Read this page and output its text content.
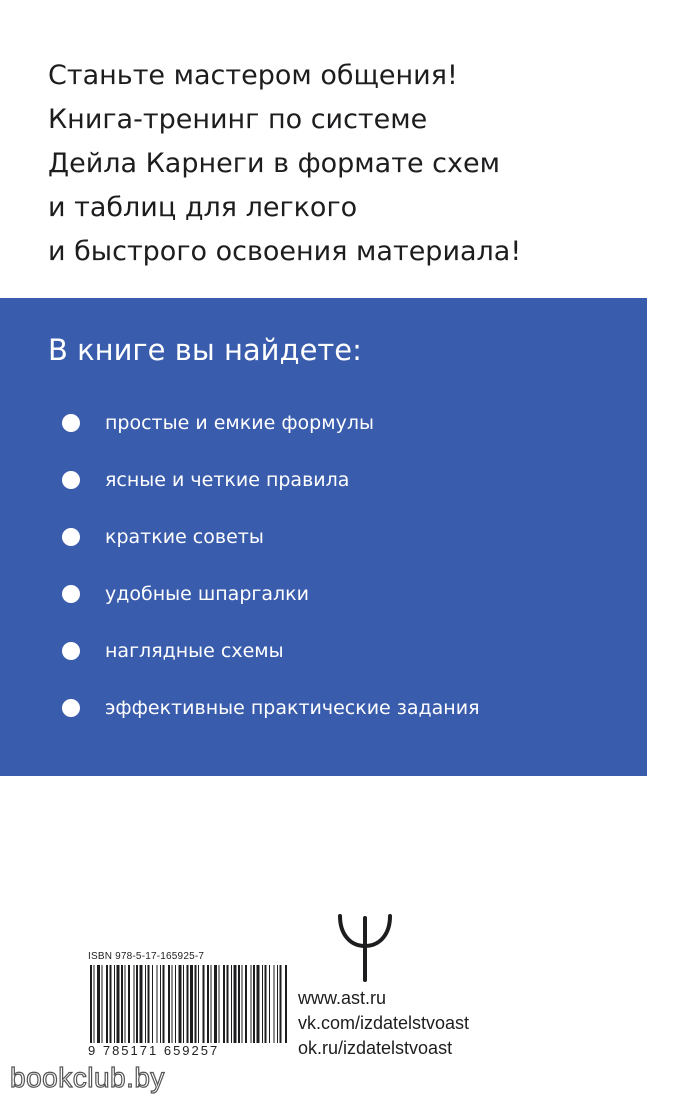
Станьте мастером общения!
Книга-тренинг по системе
Дейла Карнеги в формате схем
и таблиц для легкого
и быстрого освоения материала!
В книге вы найдете:
простые и емкие формулы
ясные и четкие правила
краткие советы
удобные шпаргалки
наглядные схемы
эффективные практические задания
ISBN 978-5-17-165925-7
9 785171 659257
www.ast.ru
vk.com/izdatelstvoast
ok.ru/izdatelstvoast
bookclub.by
